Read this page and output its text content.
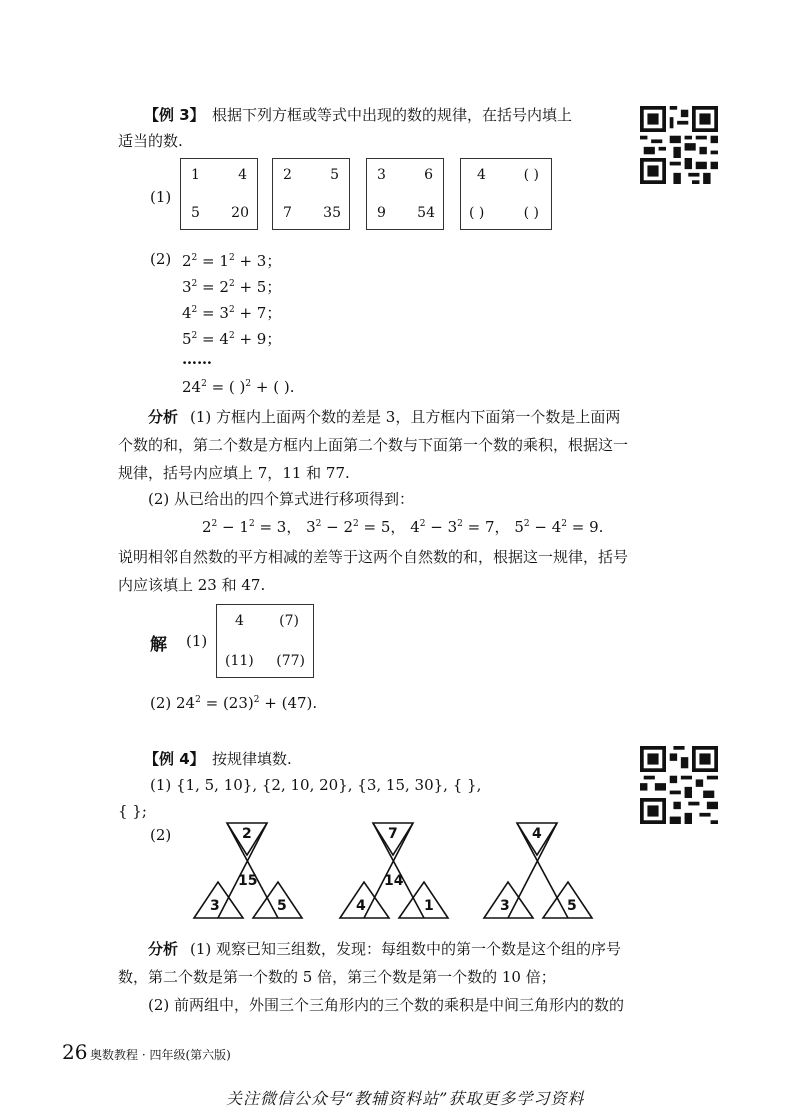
【例 3】 根据下列方框或等式中出现的数的规律，在括号内填上
适当的数.
(1)
1	4
5 20
2	5
7 35
3	6
9 54
4	( )
( )	( )
(2) $2^2 = 1^2 + 3$；
$3^2 = 2^2 + 5$；
$4^2 = 3^2 + 7$；
$5^2 = 4^2 + 9$；
……
$24^2$ = ( )$^2$ + ( ).
分析 (1) 方框内上面两个数的差是 3，且方框内下面第一个数是上面两
个数的和，第二个数是方框内上面第二个数与下面第一个数的乘积，根据这一
规律，括号内应填上 7，11 和 77.
(2) 从已给出的四个算式进行移项得到：
$2^2 - 1^2 = 3$， $3^2 - 2^2 = 5$， $4^2 - 3^2 = 7$， $5^2 - 4^2 = 9$.
说明相邻自然数的平方相减的差等于这两个自然数的和，根据这一规律，括号
内应该填上 23 和 47.
解 (1)
4	(7)
(11) (77)
(2) $24^2 = (23)^2 + (47)$.
【例 4】 按规律填数.
(1) {1, 5, 10}, {2, 10, 20}, {3, 15, 30}, { },
{ };
(2)	2
15
3	5
7
14
4	1
4
3	5
分析 (1) 观察已知三组数，发现：每组数中的第一个数是这个组的序号
数，第二个数是第一个数的 5 倍，第三个数是第一个数的 10 倍；
(2) 前两组中，外围三个三角形内的三个数的乘积是中间三角形内的数的
26 奥数教程 · 四年级(第六版)
关注微信公众号“教辅资料站”获取更多学习资料
